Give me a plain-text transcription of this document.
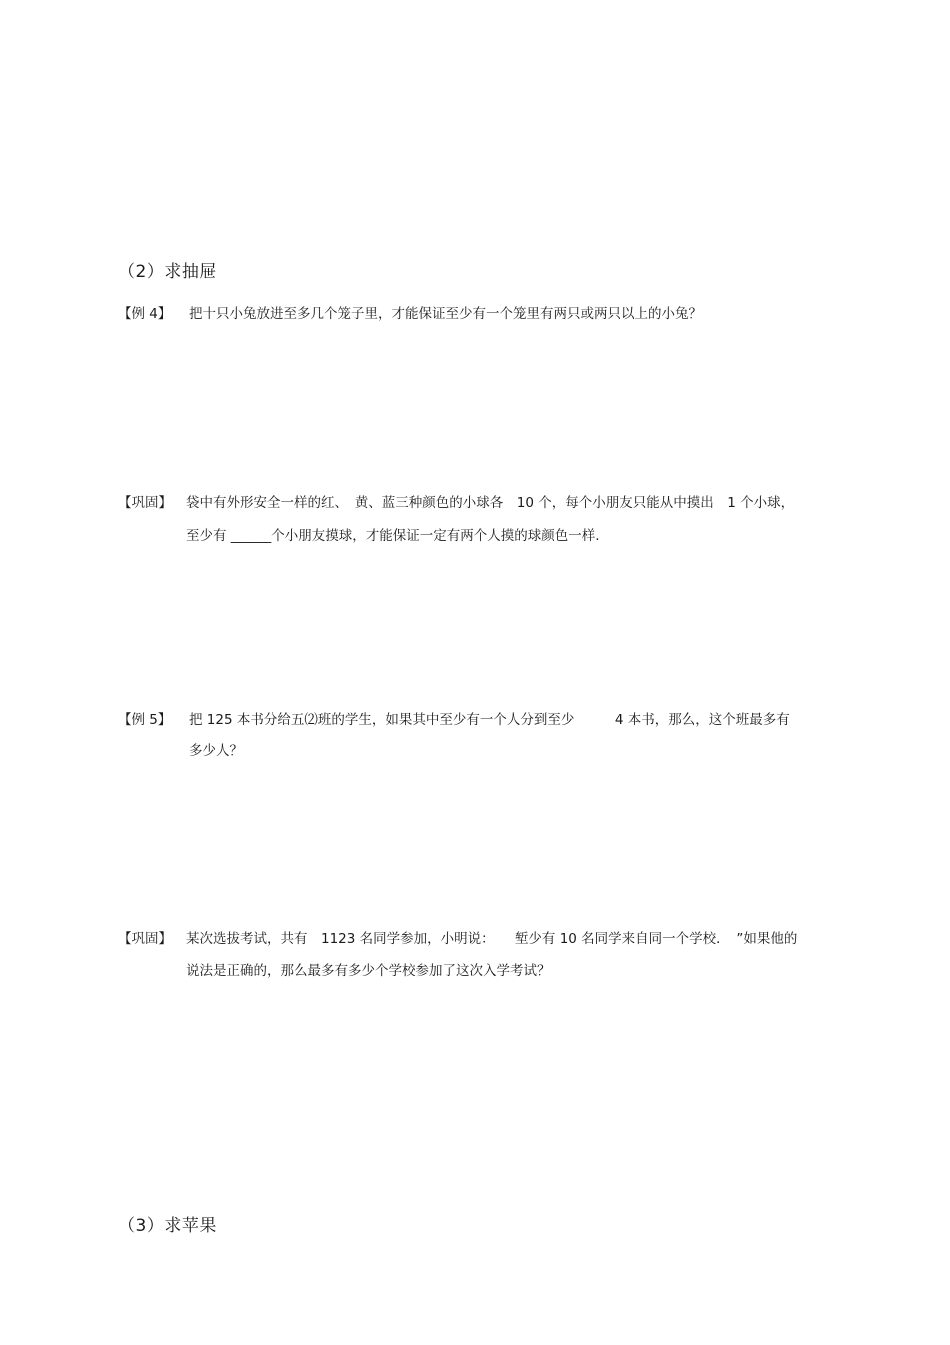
（2）求抽屉
【例 4】 把十只小兔放进至多几个笼子里，才能保证至少有一个笼里有两只或两只以上的小兔？
【巩固】 袋中有外形安全一样的红、　黄、蓝三种颜色的小球各　10 个，每个小朋友只能从中摸出　1 个小球，
至少有 ______个小朋友摸球，才能保证一定有两个人摸的球颜色一样.
【例 5】 把 125 本书分给五⑵班的学生，如果其中至少有一个人分到至少　　　4 本书，那么，这个班最多有
多少人？
【巩固】 某次选拔考试，共有　1123 名同学参加，小明说：　　堑少有 10 名同学来自同一个学校．　”如果他的
说法是正确的，那么最多有多少个学校参加了这次入学考试？
（3）求苹果
